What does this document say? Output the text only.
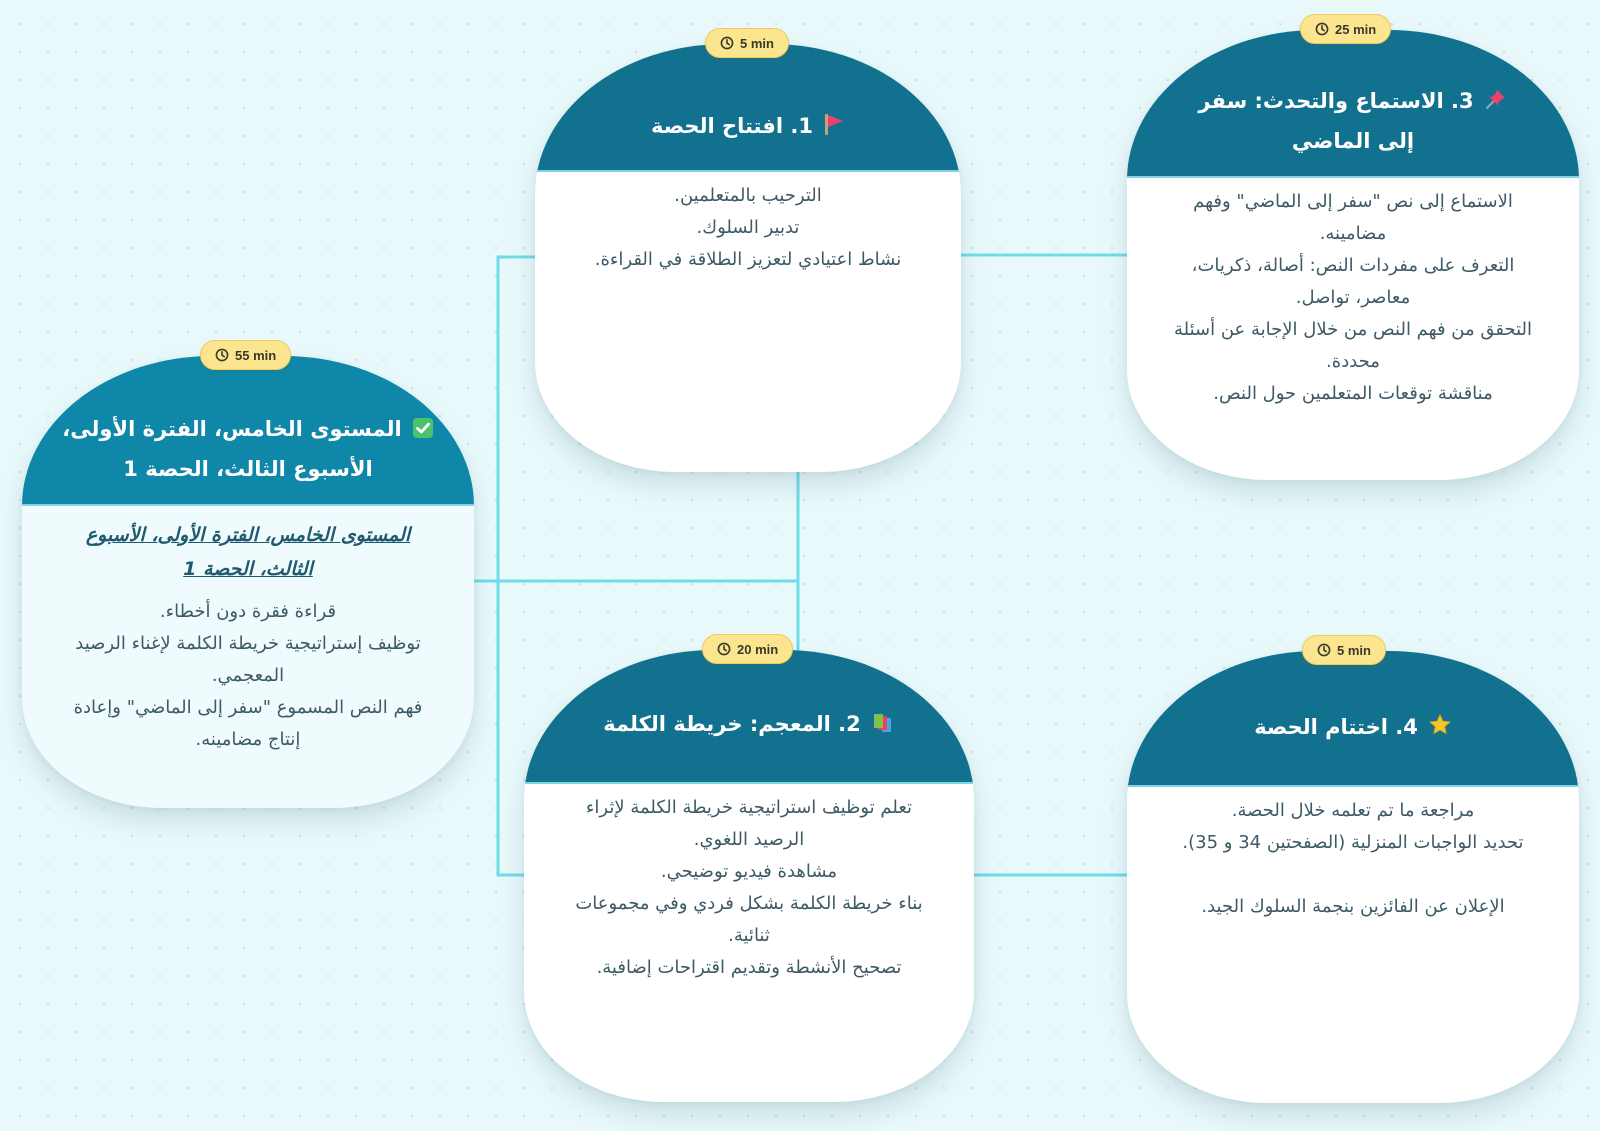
55 min
المستوى الخامس، الفترة الأولى، الأسبوع الثالث، الحصة 1
المستوى الخامس، الفترة الأولى، الأسبوع الثالث، الحصة 1
قراءة فقرة دون أخطاء.
توظيف إستراتيجية خريطة الكلمة لإغناء الرصيد المعجمي.
فهم النص المسموع "سفر إلى الماضي" وإعادة إنتاج مضامينه.
5 min
1. افتتاح الحصة
الترحيب بالمتعلمين.
تدبير السلوك.
نشاط اعتيادي لتعزيز الطلاقة في القراءة.
25 min
3. الاستماع والتحدث: سفر إلى الماضي
الاستماع إلى نص "سفر إلى الماضي" وفهم مضامينه.
التعرف على مفردات النص: أصالة، ذكريات، معاصر، تواصل.
التحقق من فهم النص من خلال الإجابة عن أسئلة محددة.
مناقشة توقعات المتعلمين حول النص.
20 min
2. المعجم: خريطة الكلمة
تعلم توظيف استراتيجية خريطة الكلمة لإثراء الرصيد اللغوي.
مشاهدة فيديو توضيحي.
بناء خريطة الكلمة بشكل فردي وفي مجموعات ثنائية.
تصحيح الأنشطة وتقديم اقتراحات إضافية.
5 min
4. اختتام الحصة
مراجعة ما تم تعلمه خلال الحصة.
تحديد الواجبات المنزلية (الصفحتين 34 و 35).
الإعلان عن الفائزين بنجمة السلوك الجيد.
